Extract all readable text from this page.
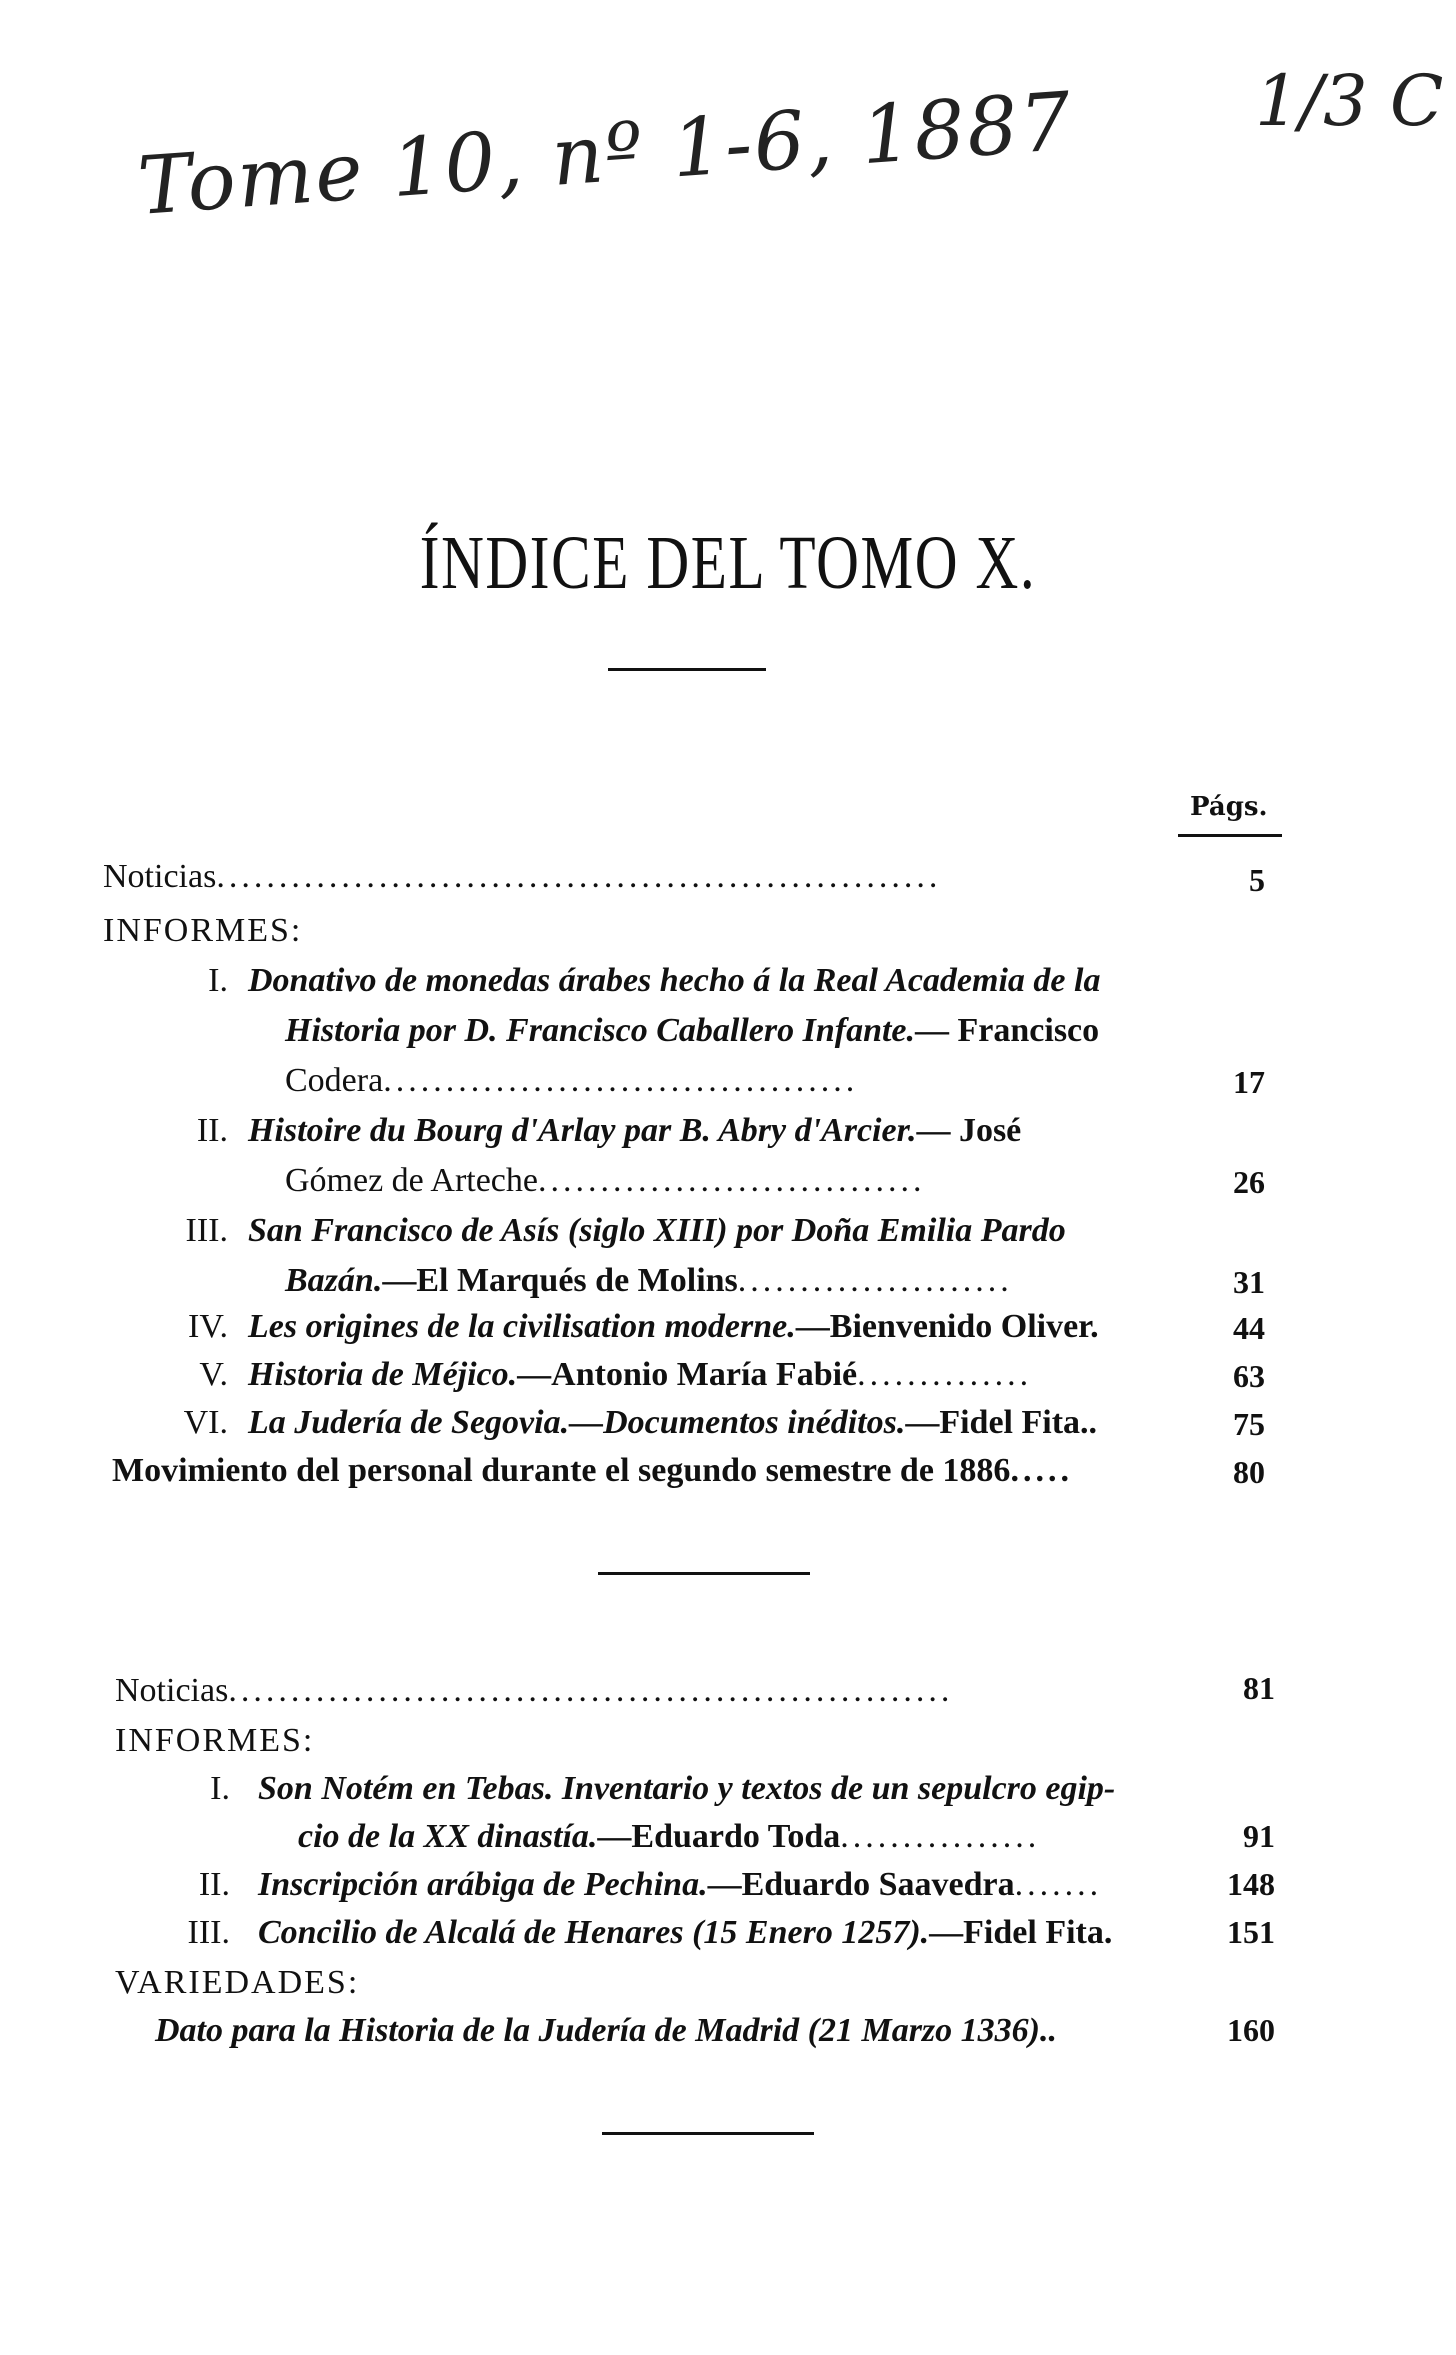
Tome 10, nº 1-6, 1887	1/3 C
ÍNDICE DEL TOMO X.
Págs.
Noticias..........................................................	5
INFORMES:
I. Donativo de monedas árabes hecho á la Real Academia de la
Historia por D. Francisco Caballero Infante.— Francisco
Codera......................................	17
II. Histoire du Bourg d'Arlay par B. Abry d'Arcier.— José
Gómez de Arteche...............................	26
III. San Francisco de Asís (siglo XIII) por Doña Emilia Pardo
Bazán.—El Marqués de Molins......................	31
IV. Les origines de la civilisation moderne.—Bienvenido Oliver.	44
V. Historia de Méjico.—Antonio María Fabié..............	63
VI. La Judería de Segovia.—Documentos inéditos.—Fidel Fita..	75
Movimiento del personal durante el segundo semestre de 1886.....	80
Noticias..........................................................	81
INFORMES:
I. Son Notém en Tebas. Inventario y textos de un sepulcro egip-
cio de la XX dinastía.—Eduardo Toda................	91
II. Inscripción arábiga de Pechina.—Eduardo Saavedra.......	148
III. Concilio de Alcalá de Henares (15 Enero 1257).—Fidel Fita.	151
VARIEDADES:
Dato para la Historia de la Judería de Madrid (21 Marzo 1336)..	160
